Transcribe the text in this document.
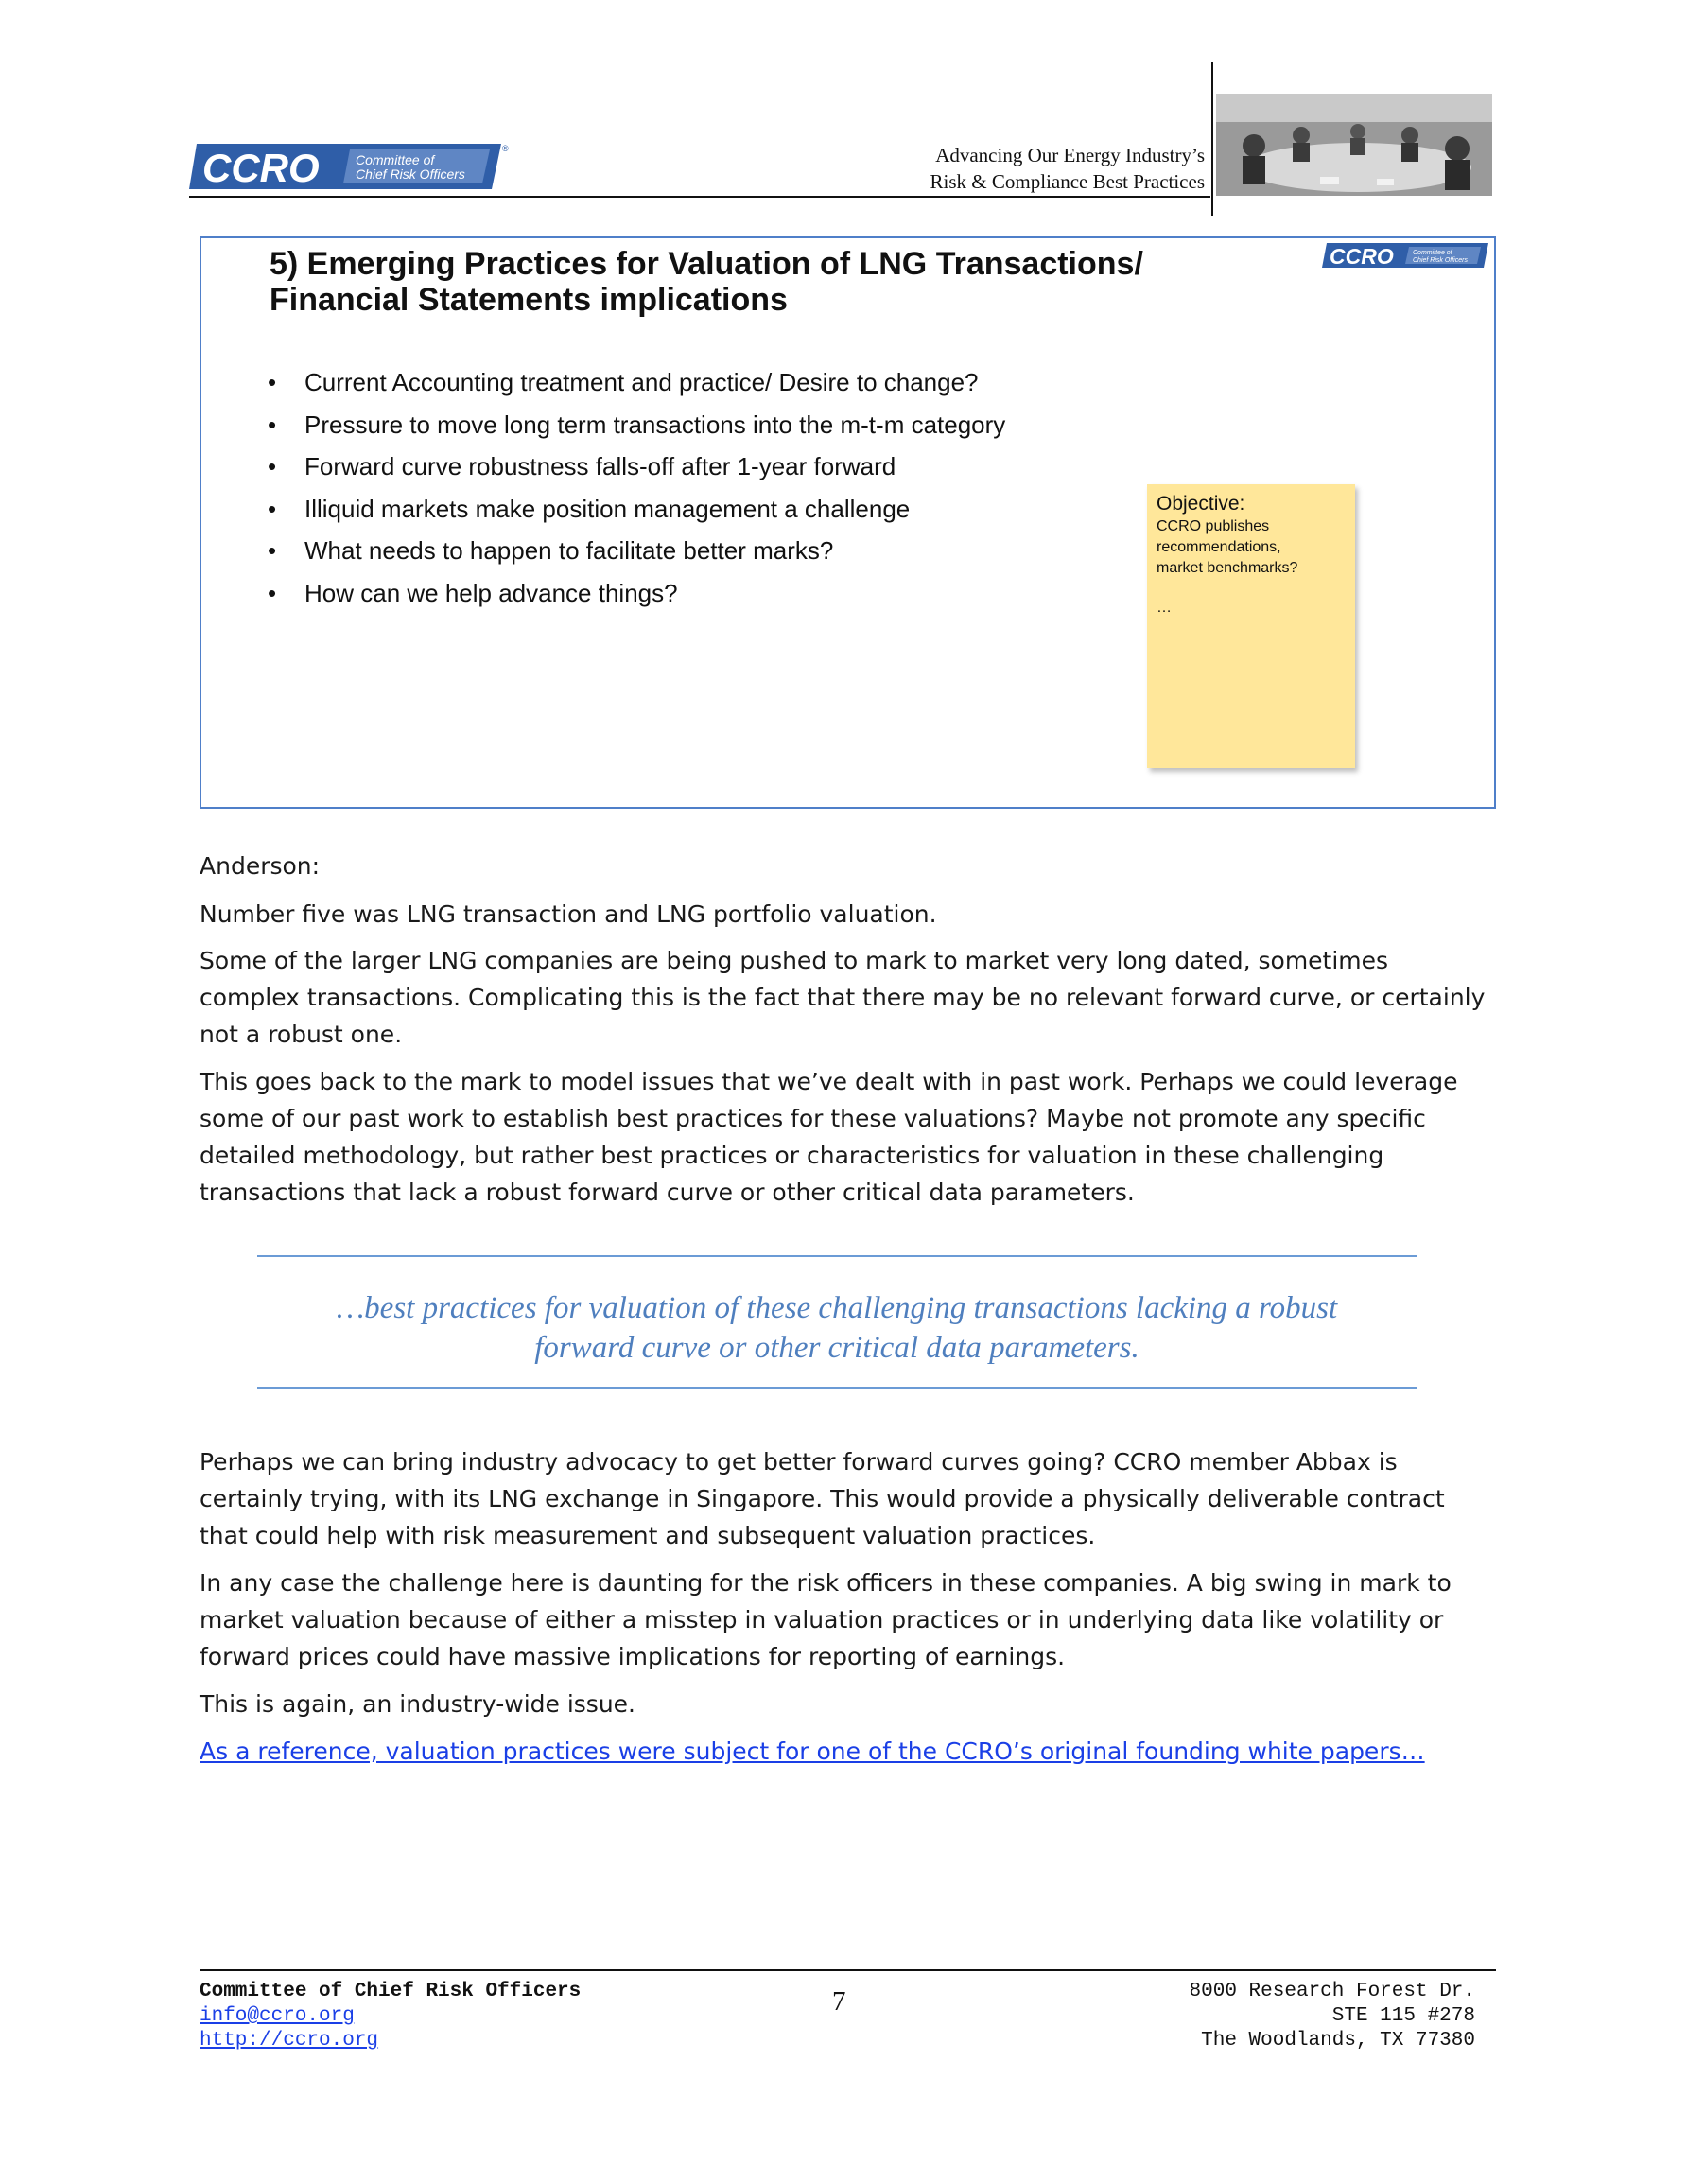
CCRO	Committee of
Chief Risk Officers
®	Advancing Our Energy Industry’s
Risk & Compliance Best Practices
5) Emerging Practices for Valuation of LNG Transactions/
Financial Statements implications
CCRO	Committee of
Chief Risk Officers
• Current Accounting treatment and practice/ Desire to change?
• Pressure to move long term transactions into the m-t-m category
• Forward curve robustness falls-off after 1-year forward
• Illiquid markets make position management a challenge
• What needs to happen to facilitate better marks?
• How can we help advance things?
Objective:
CCRO publishes
recommendations,
market benchmarks?
…

Anderson:

Number five was LNG transaction and LNG portfolio valuation.

Some of the larger LNG companies are being pushed to mark to market very long dated, sometimes complex transactions. Complicating this is the fact that there may be no relevant forward curve, or certainly not a robust one.

This goes back to the mark to model issues that we’ve dealt with in past work. Perhaps we could leverage some of our past work to establish best practices for these valuations? Maybe not promote any specific detailed methodology, but rather best practices or characteristics for valuation in these challenging transactions that lack a robust forward curve or other critical data parameters.

…best practices for valuation of these challenging transactions lacking a robust
forward curve or other critical data parameters.

Perhaps we can bring industry advocacy to get better forward curves going? CCRO member Abbax is certainly trying, with its LNG exchange in Singapore. This would provide a physically deliverable contract that could help with risk measurement and subsequent valuation practices.

In any case the challenge here is daunting for the risk officers in these companies. A big swing in mark to market valuation because of either a misstep in valuation practices or in underlying data like volatility or forward prices could have massive implications for reporting of earnings.

This is again, an industry-wide issue.

As a reference, valuation practices were subject for one of the CCRO’s original founding white papers…

Committee of Chief Risk Officers
info@ccro.org
http://ccro.org
7	8000 Research Forest Dr.
STE 115 #278
The Woodlands, TX 77380
